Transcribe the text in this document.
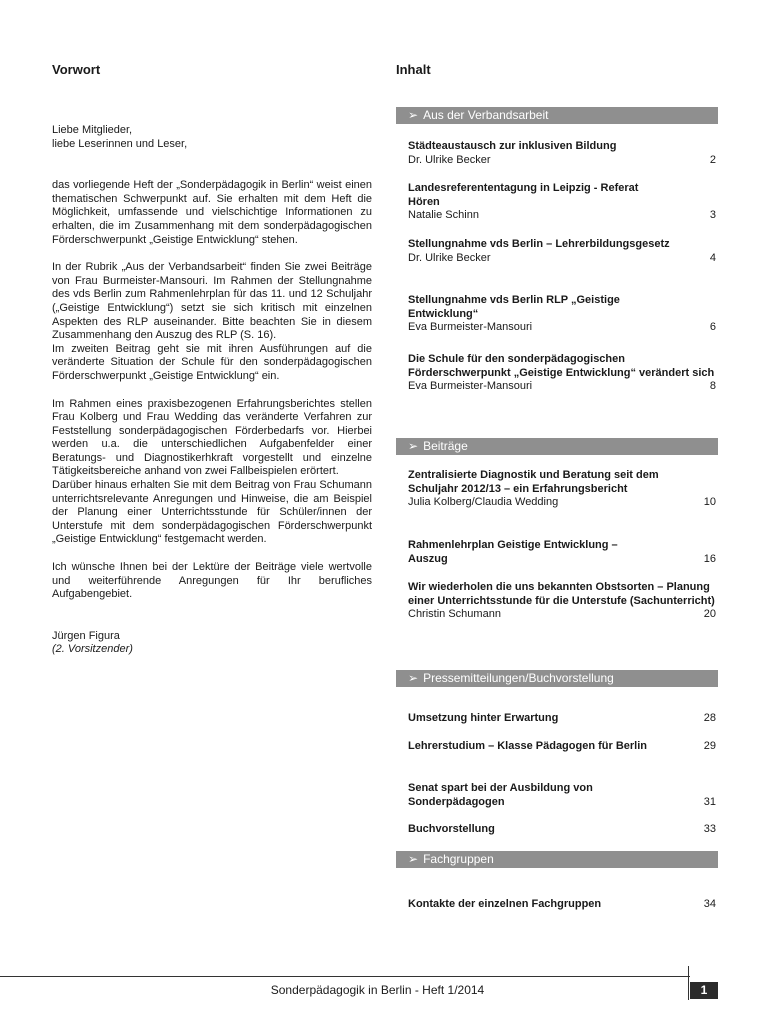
Vorwort
Liebe Mitglieder,
liebe Leserinnen und Leser,

das vorliegende Heft der „Sonderpädagogik in Berlin“ weist einen thematischen Schwerpunkt auf. Sie erhalten mit dem Heft die Möglichkeit, umfassende und vielschichtige Informationen zu erhalten, die im Zusammenhang mit dem sonderpädagogischen Förderschwerpunkt „Geistige Entwicklung“ stehen.

In der Rubrik „Aus der Verbandsarbeit“ finden Sie zwei Beiträge von Frau Burmeister-Mansouri. Im Rahmen der Stellungnahme des vds Berlin zum Rahmenlehrplan für das 11. und 12 Schuljahr („Geistige Entwicklung“) setzt sie sich kritisch mit einzelnen Aspekten des RLP auseinander. Bitte beachten Sie in diesem Zusammenhang den Auszug des RLP (S. 16).

Im zweiten Beitrag geht sie mit ihren Ausführungen auf die veränderte Situation der Schule für den sonderpädagogischen Förderschwerpunkt „Geistige Entwicklung“ ein.

Im Rahmen eines praxisbezogenen Erfahrungsberichtes stellen Frau Kolberg und Frau Wedding das veränderte Verfahren zur Feststellung sonderpädagogischen Förderbedarfs vor. Hierbei werden u.a. die unterschiedlichen Aufgabenfelder einer Beratungs- und Diagnostikerhkraft vorgestellt und einzelne Tätigkeitsbereiche anhand von zwei Fallbeispielen erörtert.

Darüber hinaus erhalten Sie mit dem Beitrag von Frau Schumann unterrichtsrelevante Anregungen und Hinweise, die am Beispiel der Planung einer Unterrichtsstunde für Schüler/innen der Unterstufe mit dem sonderpädagogischen Förderschwerpunkt „Geistige Entwicklung“ festgemacht werden.

Ich wünsche Ihnen bei der Lektüre der Beiträge viele wertvolle und weiterführende Anregungen für Ihr berufliches Aufgabengebiet.

Jürgen Figura
(2. Vorsitzender)
Inhalt
➢ Aus der Verbandsarbeit
Städteaustausch zur inklusiven Bildung
Dr. Ulrike Becker	2
Landesreferententagung in Leipzig - Referat Hören
Natalie Schinn	3
Stellungnahme vds Berlin – Lehrerbildungsgesetz
Dr. Ulrike Becker	4
Stellungnahme vds Berlin RLP „Geistige Entwicklung“
Eva Burmeister-Mansouri	6
Die Schule für den sonderpädagogischen Förderschwerpunkt „Geistige Entwicklung“ verändert sich
Eva Burmeister-Mansouri	8
➢ Beiträge
Zentralisierte Diagnostik und Beratung seit dem Schuljahr 2012/13 – ein Erfahrungsbericht
Julia Kolberg/Claudia Wedding	10
Rahmenlehrplan Geistige Entwicklung – Auszug	16
Wir wiederholen die uns bekannten Obstsorten – Planung einer Unterrichtsstunde für die Unterstufe (Sachunterricht)
Christin Schumann	20
➢ Pressemitteilungen/Buchvorstellung
Umsetzung hinter Erwartung	28
Lehrerstudium – Klasse Pädagogen für Berlin	29
Senat spart bei der Ausbildung von Sonderpädagogen	31
Buchvorstellung	33
➢ Fachgruppen
Kontakte der einzelnen Fachgruppen	34
Sonderpädagogik in Berlin - Heft 1/2014	1
